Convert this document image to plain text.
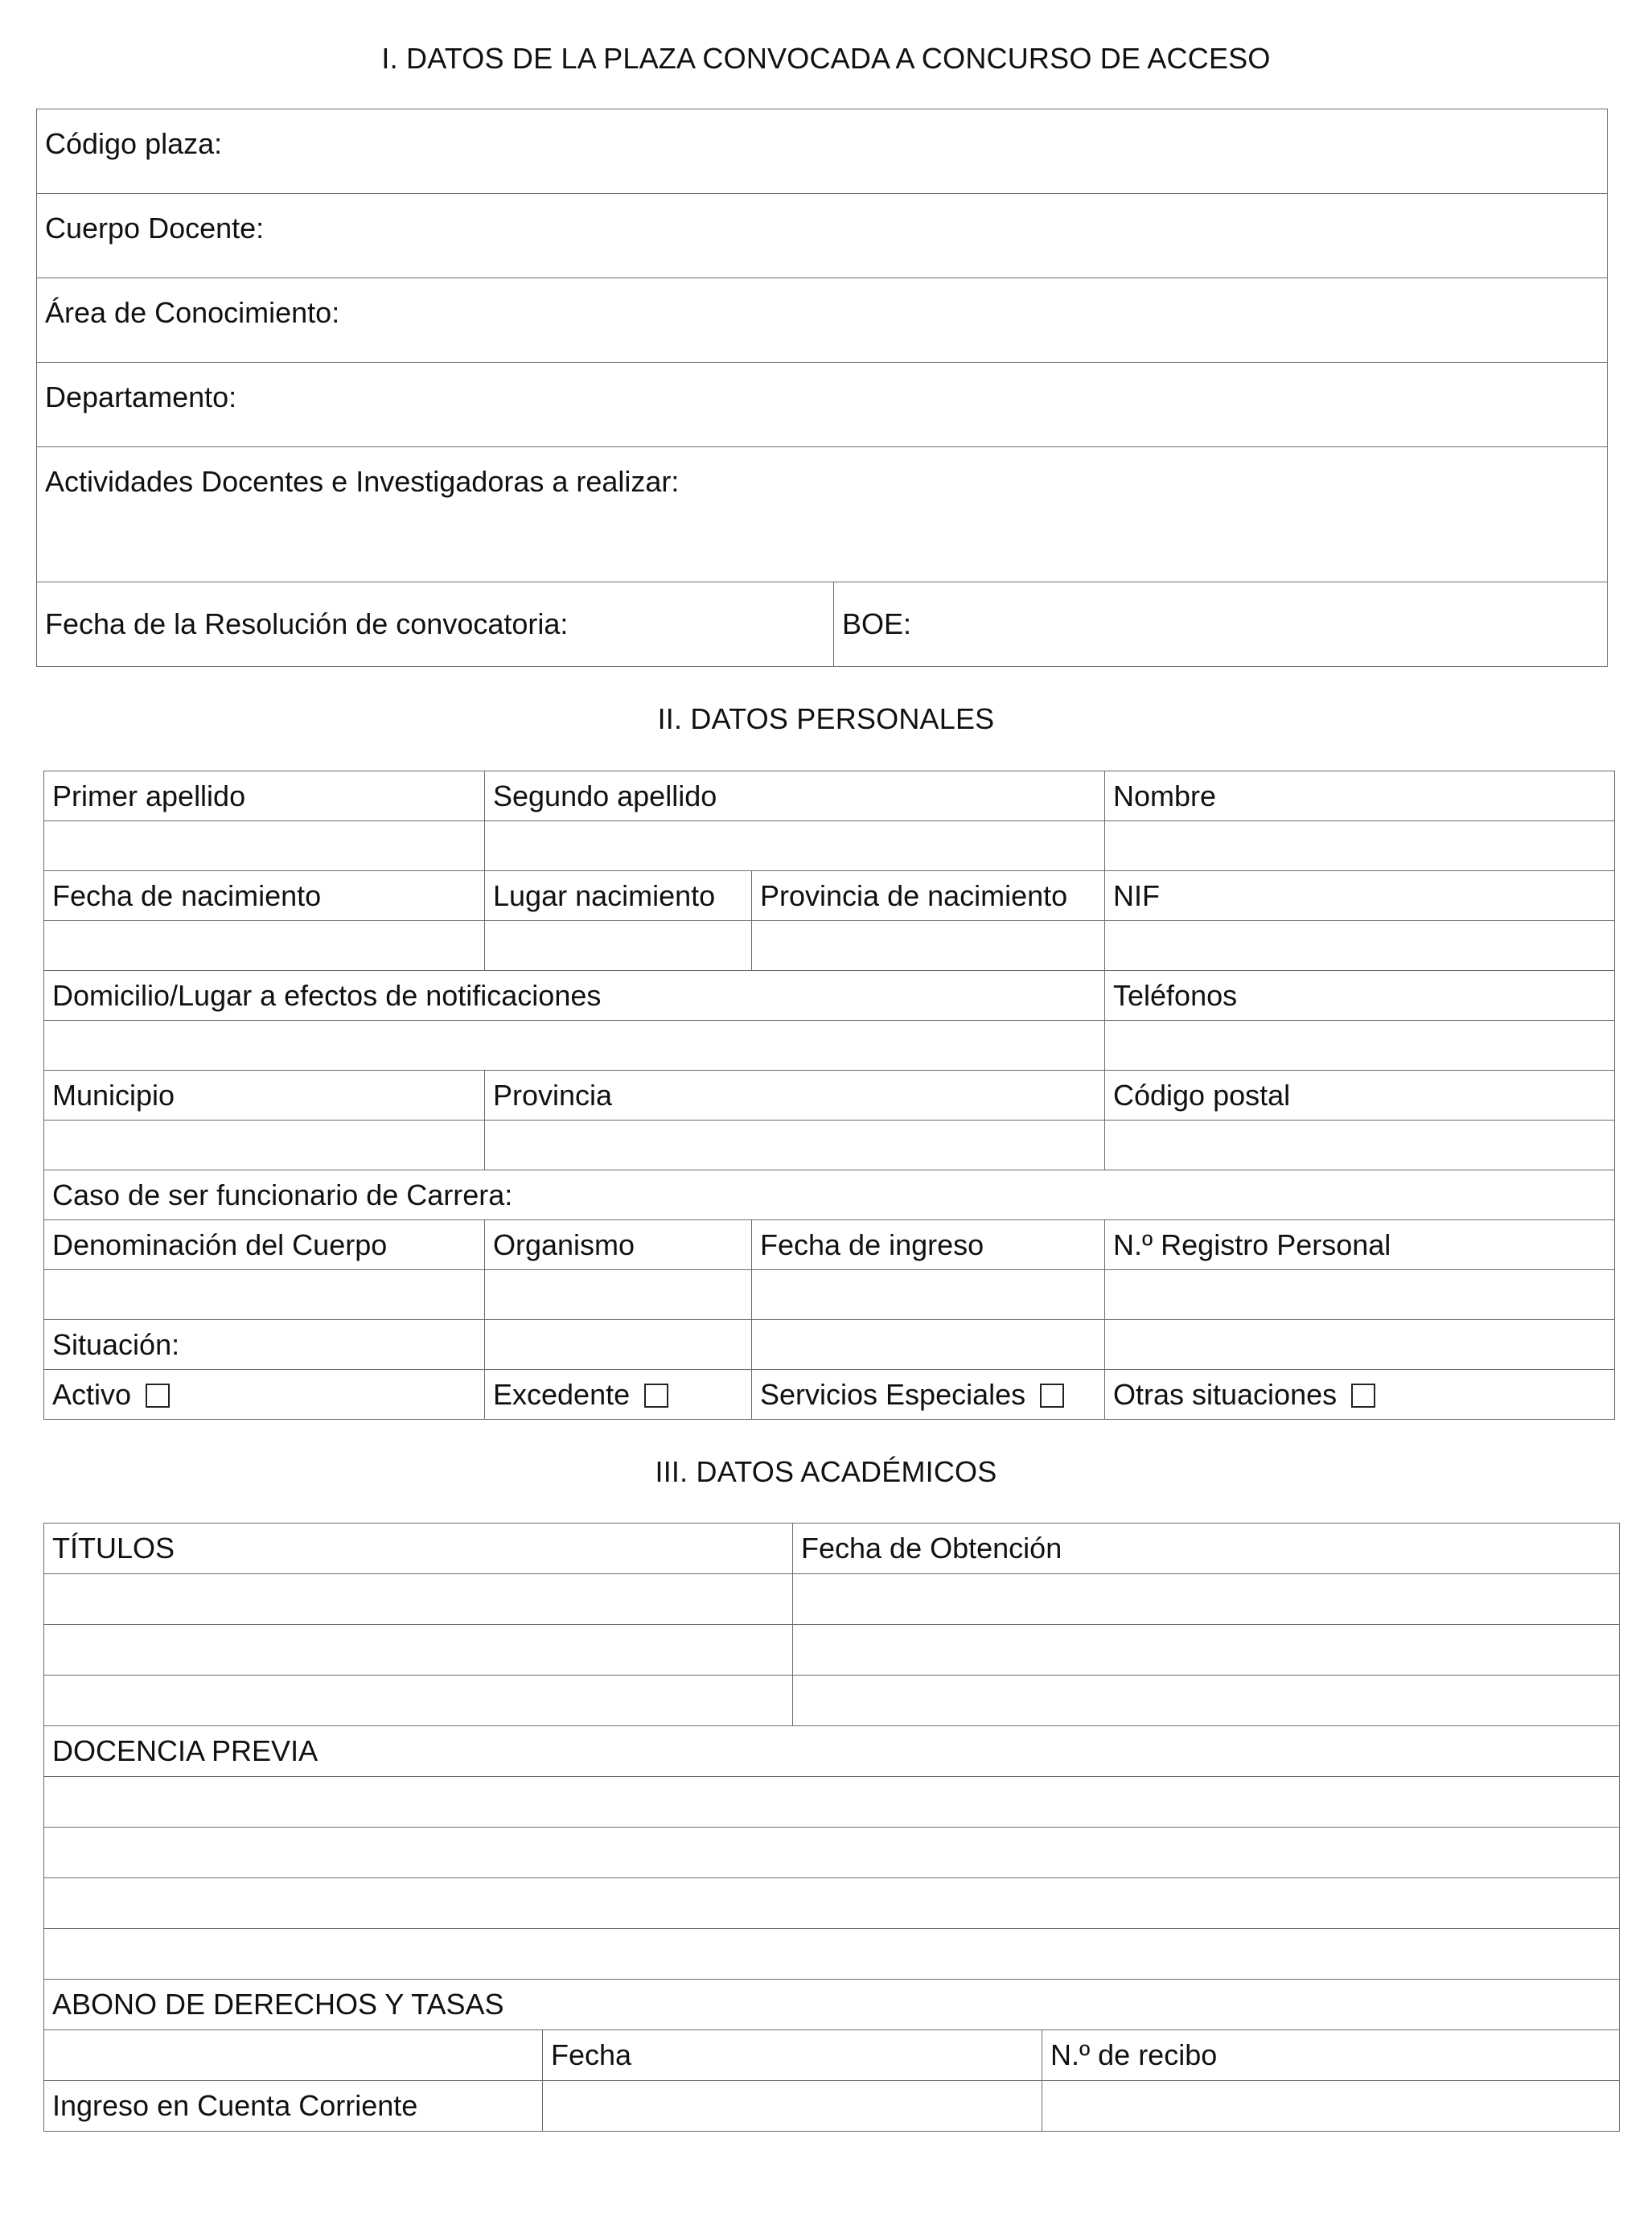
I. DATOS DE LA PLAZA CONVOCADA A CONCURSO DE ACCESO
Código plaza:
Cuerpo Docente:
Área de Conocimiento:
Departamento:
Actividades Docentes e Investigadoras a realizar:
Fecha de la Resolución de convocatoria:	BOE:
II. DATOS PERSONALES
Primer apellido	Segundo apellido		Nombre

Fecha de nacimiento	Lugar nacimiento	Provincia de nacimiento	NIF

Domicilio/Lugar a efectos de notificaciones			Teléfonos

Municipio	Provincia		Código postal

Caso de ser funcionario de Carrera:			
Denominación del Cuerpo	Organismo	Fecha de ingreso	N.º Registro Personal

Situación:			
Activo	Excedente	Servicios Especiales	Otras situaciones
III. DATOS ACADÉMICOS
TÍTULOS	Fecha de Obtención

DOCENCIA PREVIA	

ABONO DE DERECHOS Y TASAS	
	Fecha	N.º de recibo
Ingreso en Cuenta Corriente		
